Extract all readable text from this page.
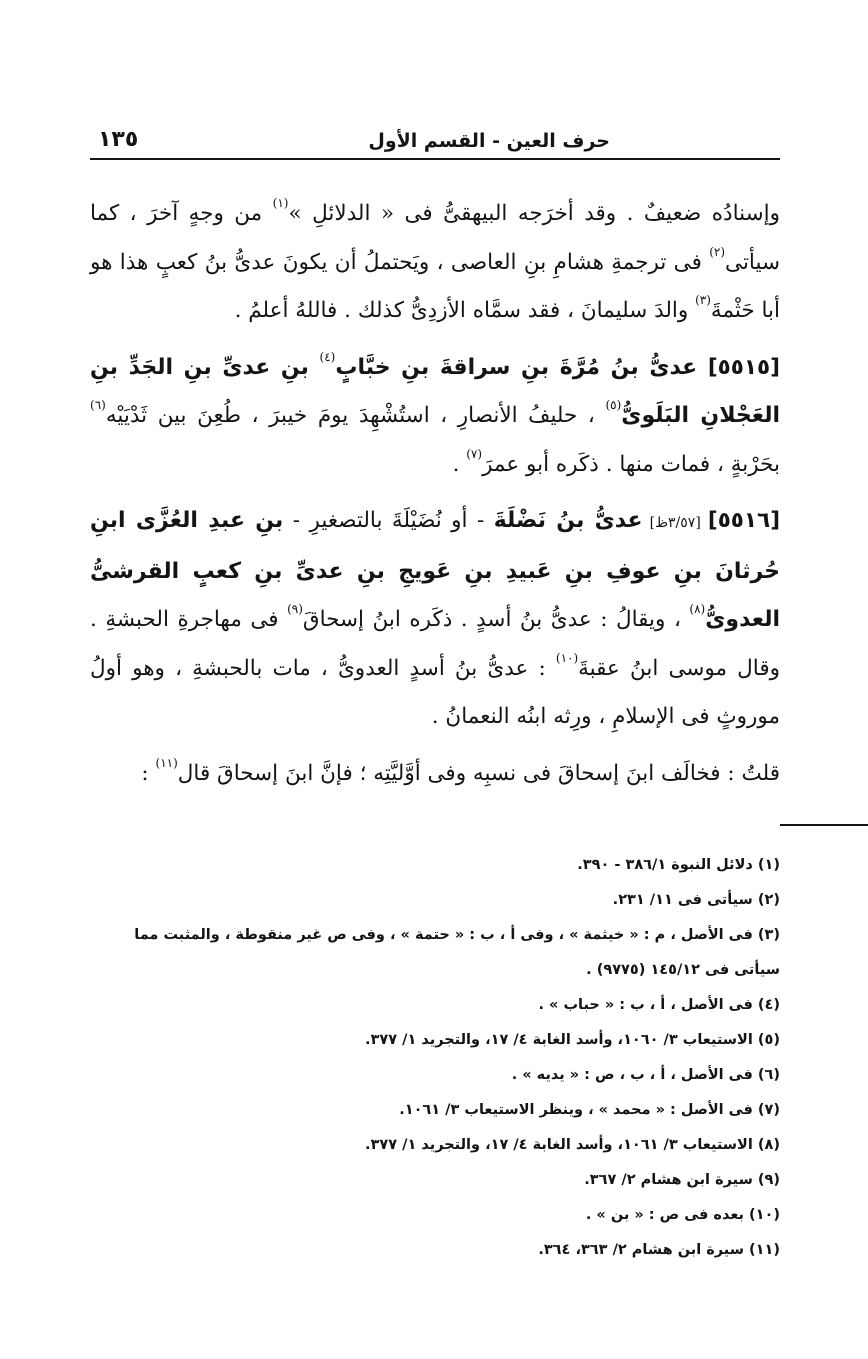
حرف العين - القسم الأول
١٣٥

وإسنادُه ضعيفٌ . وقد أخرَجه البيهقىُّ فى « الدلائلِ »$^{(١)}$ من وجهٍ آخرَ ، كما سيأتى$^{(٢)}$ فى ترجمةِ هشامِ بنِ العاصى ، ويَحتملُ أن يكونَ عدىُّ بنُ كعبٍ هذا هو أبا حَثْمةَ$^{(٣)}$ والدَ سليمانَ ، فقد سمَّاه الأزدِىُّ كذلك . فاللهُ أعلمُ .

[٥٥١٥] عدىُّ بنُ مُرَّةَ بنِ سراقةَ بنِ خبَّابٍ$^{(٤)}$ بنِ عدىِّ بنِ الجَدِّ بنِ العَجْلانِ البَلَوىُّ$^{(٥)}$ ، حليفُ الأنصارِ ، استُشْهِدَ يومَ خيبرَ ، طُعِنَ بين ثَدْيَيْه$^{(٦)}$ بحَرْبةٍ ، فمات منها . ذكَره أبو عمرَ$^{(٧)}$ .

[٥٥١٦] [٣/٥٧ظ] عدىُّ بنُ نَضْلَةَ - أو نُضَيْلَةَ بالتصغيرِ - بنِ عبدِ العُزَّى ابنِ حُرثانَ بنِ عوفِ بنِ عَبيدِ بنِ عَويجِ بنِ عدىِّ بنِ كعبٍ القرشىُّ العدوىُّ$^{(٨)}$ ، ويقالُ : عدىُّ بنُ أسدٍ . ذكَره ابنُ إسحاقَ$^{(٩)}$ فى مهاجرةِ الحبشةِ . وقال موسى ابنُ عقبةَ$^{(١٠)}$ : عدىُّ بنُ أسدٍ العدوىُّ ، مات بالحبشةِ ، وهو أولُ موروثٍ فى الإسلامِ ، ورِثه ابنُه النعمانُ .

قلتُ : فخالَف ابنَ إسحاقَ فى نسبِه وفى أوَّليَّتِه ؛ فإنَّ ابنَ إسحاقَ قال$^{(١١)}$ :

(١) دلائل النبوة ٣٨٦/١ - ٣٩٠.

(٢) سيأتى فى ١١/ ٢٣١.

(٣) فى الأصل ، م : « خيثمة » ، وفى أ ، ب : « حتمة » ، وفى ص غير منقوطة ، والمثبت مما سيأتى فى ١٤٥/١٢ (٩٧٧٥) .

(٤) فى الأصل ، أ ، ب : « حباب » .

(٥) الاستيعاب ٣/ ١٠٦٠، وأسد الغابة ٤/ ١٧، والتجريد ١/ ٣٧٧.

(٦) فى الأصل ، أ ، ب ، ص : « يديه » .

(٧) فى الأصل : « محمد » ، وينظر الاستيعاب ٣/ ١٠٦١.

(٨) الاستيعاب ٣/ ١٠٦١، وأسد الغابة ٤/ ١٧، والتجريد ١/ ٣٧٧.

(٩) سيرة ابن هشام ٢/ ٣٦٧.

(١٠) بعده فى ص : « بن » .

(١١) سيرة ابن هشام ٢/ ٣٦٣، ٣٦٤.
